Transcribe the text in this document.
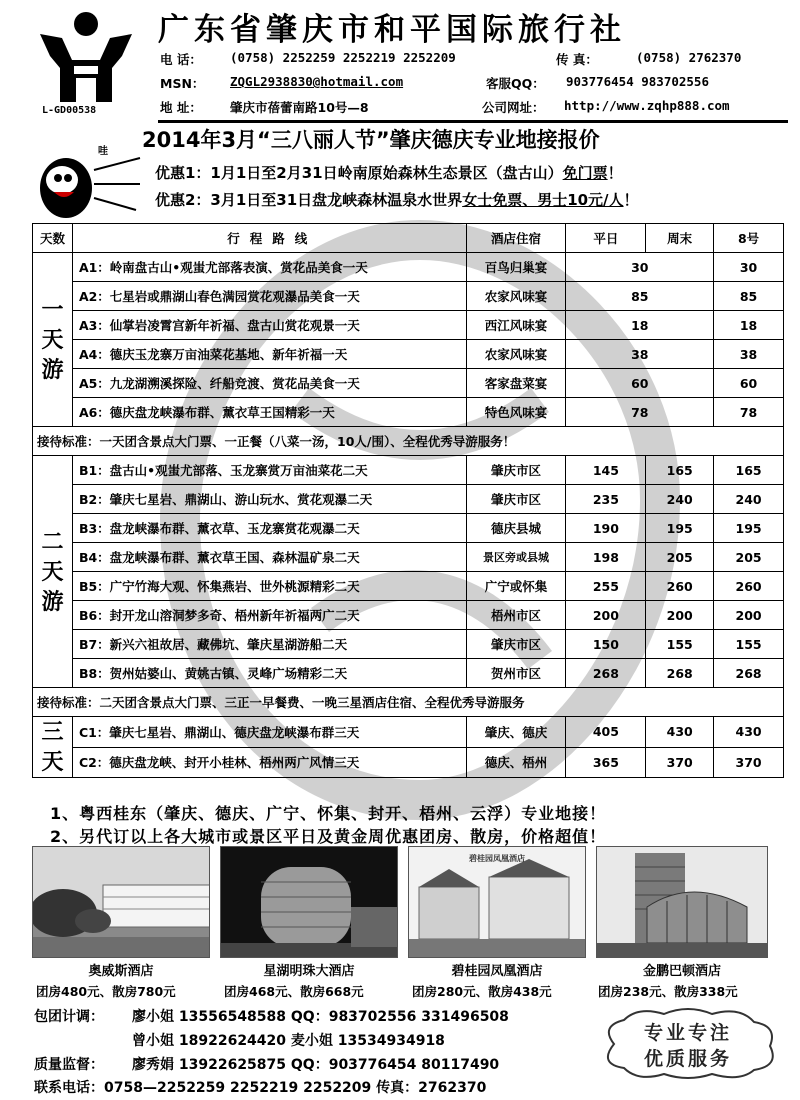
L-GD00538
广东省肇庆市和平国际旅行社
电 话： (0758) 2252259 2252219 2252209	传 真：	(0758) 2762370
MSN： ZQGL2938830@hotmail.com	客服QQ： 903776454 983702556
地 址： 肇庆市蓓蕾南路10号—8	公司网址： http://www.zqhp888.com
哇 2014年3月“三八丽人节”肇庆德庆专业地接报价
优惠1：1月1日至2月31日岭南原始森林生态景区（盘古山）免门票！
优惠2：3月1日至31日盘龙峡森林温泉水世界女士免票、男士10元/人！
天数	行程路线	酒店住宿	平日	周末	8号

一
天
游	A1：岭南盘古山•观蚩尤部落表演、赏花品美食一天	百鸟归巢宴	30		30
	A2：七星岩或鼎湖山春色满园赏花观瀑品美食一天	农家风味宴	85		85
	A3：仙掌岩凌霄宫新年祈福、盘古山赏花观景一天	西江风味宴	18		18
	A4：德庆玉龙寨万亩油菜花基地、新年祈福一天	农家风味宴	38		38
	A5：九龙湖溯溪探险、纤船竞渡、赏花品美食一天	客家盘菜宴	60		60
	A6：德庆盘龙峡瀑布群、薰衣草王国精彩一天	特色风味宴	78		78
接待标准：一天团含景点大门票、一正餐（八菜一汤，10人/围）、全程优秀导游服务！					

二
天
游	B1：盘古山•观蚩尤部落、玉龙寨赏万亩油菜花二天	肇庆市区	145	165	165
	B2：肇庆七星岩、鼎湖山、游山玩水、赏花观瀑二天	肇庆市区	235	240	240
	B3：盘龙峡瀑布群、薰衣草、玉龙寨赏花观瀑二天	德庆县城	190	195	195
	B4：盘龙峡瀑布群、薰衣草王国、森林温矿泉二天	景区旁或县城	198	205	205
	B5：广宁竹海大观、怀集燕岩、世外桃源精彩二天	广宁或怀集	255	260	260
	B6：封开龙山溶洞梦多奇、梧州新年祈福两广二天	梧州市区	200	200	200
	B7：新兴六祖故居、藏佛坑、肇庆星湖游船二天	肇庆市区	150	155	155
	B8：贺州姑婆山、黄姚古镇、灵峰广场精彩二天	贺州市区	268	268	268
接待标准：二天团含景点大门票、三正一早餐费、一晚三星酒店住宿、全程优秀导游服务					

三
天	C1：肇庆七星岩、鼎湖山、德庆盘龙峡瀑布群三天	肇庆、德庆	405	430	430
	C2：德庆盘龙峡、封开小桂林、梧州两广风情三天	德庆、梧州	365	370	370
1、粤西桂东（肇庆、德庆、广宁、怀集、封开、梧州、云浮）专业地接！
2、另代订以上各大城市或景区平日及黄金周优惠团房、散房，价格超值！
碧桂园凤凰酒店
奥威斯酒店	星湖明珠大酒店	碧桂园凤凰酒店	金鹏巴顿酒店
团房480元、散房780元	团房468元、散房668元	团房280元、散房438元	团房238元、散房338元
包团计调： 廖小姐 13556548588 QQ：983702556 331496508
曾小姐 18922624420 麦小姐 13534934918
质量监督： 廖秀娟 13922625875 QQ：903776454 80117490
联系电话：0758—2252259 2252219 2252209 传真：2762370
专业专注
优质服务
